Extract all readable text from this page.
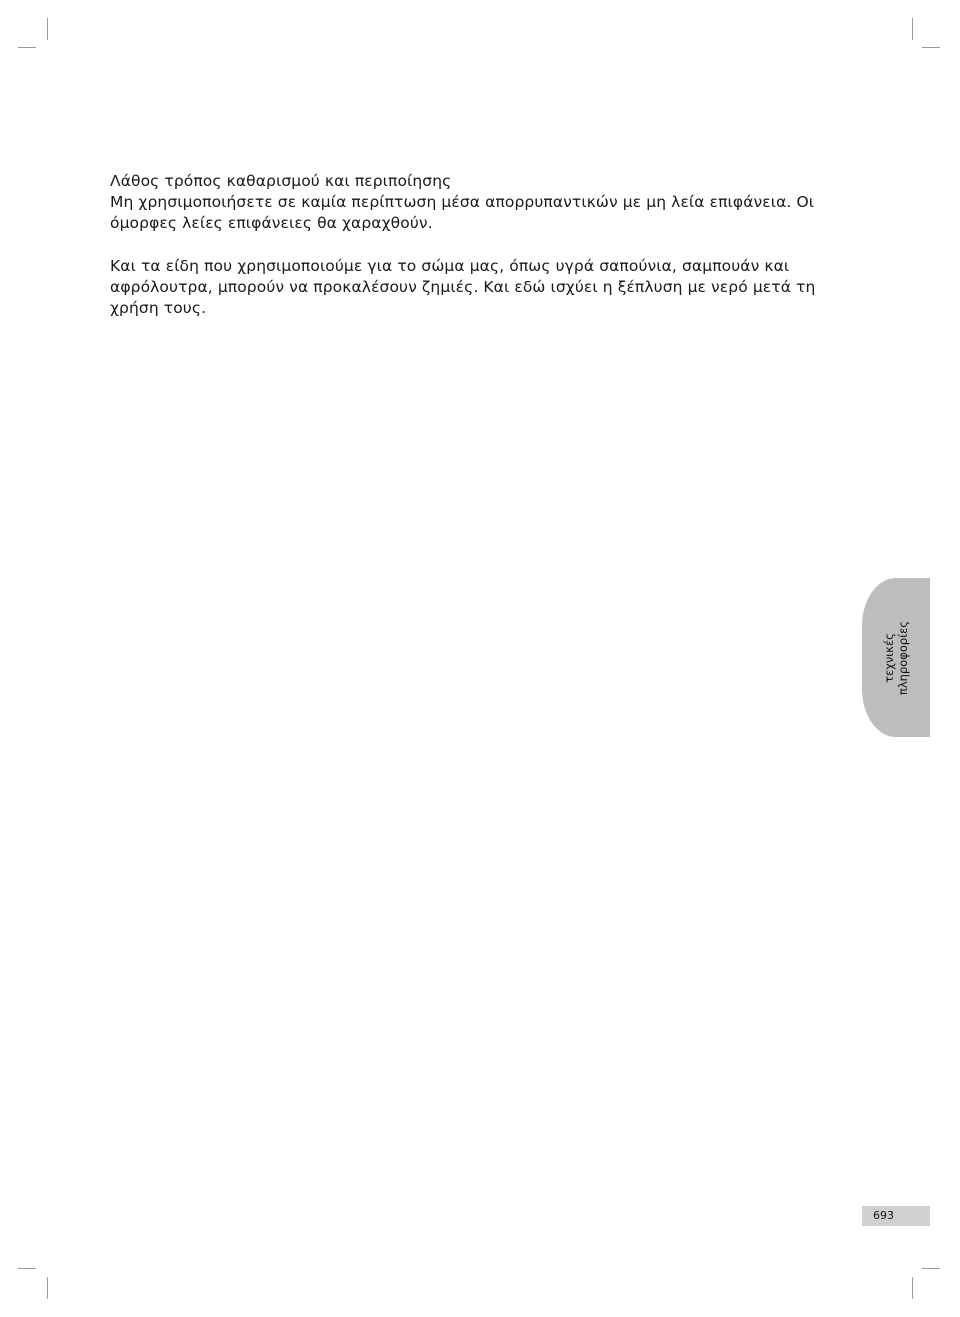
Λάθος τρόπος καθαρισμού και περιποίησης

Μη χρησιμοποιήσετε σε καμία περίπτωση μέσα απορρυπαντικών με μη λεία επιφάνεια. Οι όμορφες λείες επιφάνειες θα χαραχθούν.

Και τα είδη που χρησιμοποιούμε για το σώμα μας, όπως υγρά σαπούνια, σαμπουάν και αφρόλουτρα, μπορούν να προκαλέσουν ζημιές. Και εδώ ισχύει η ξέπλυση με νερό μετά τη χρήση τους.

τεχνικές πληροφορίες
693
